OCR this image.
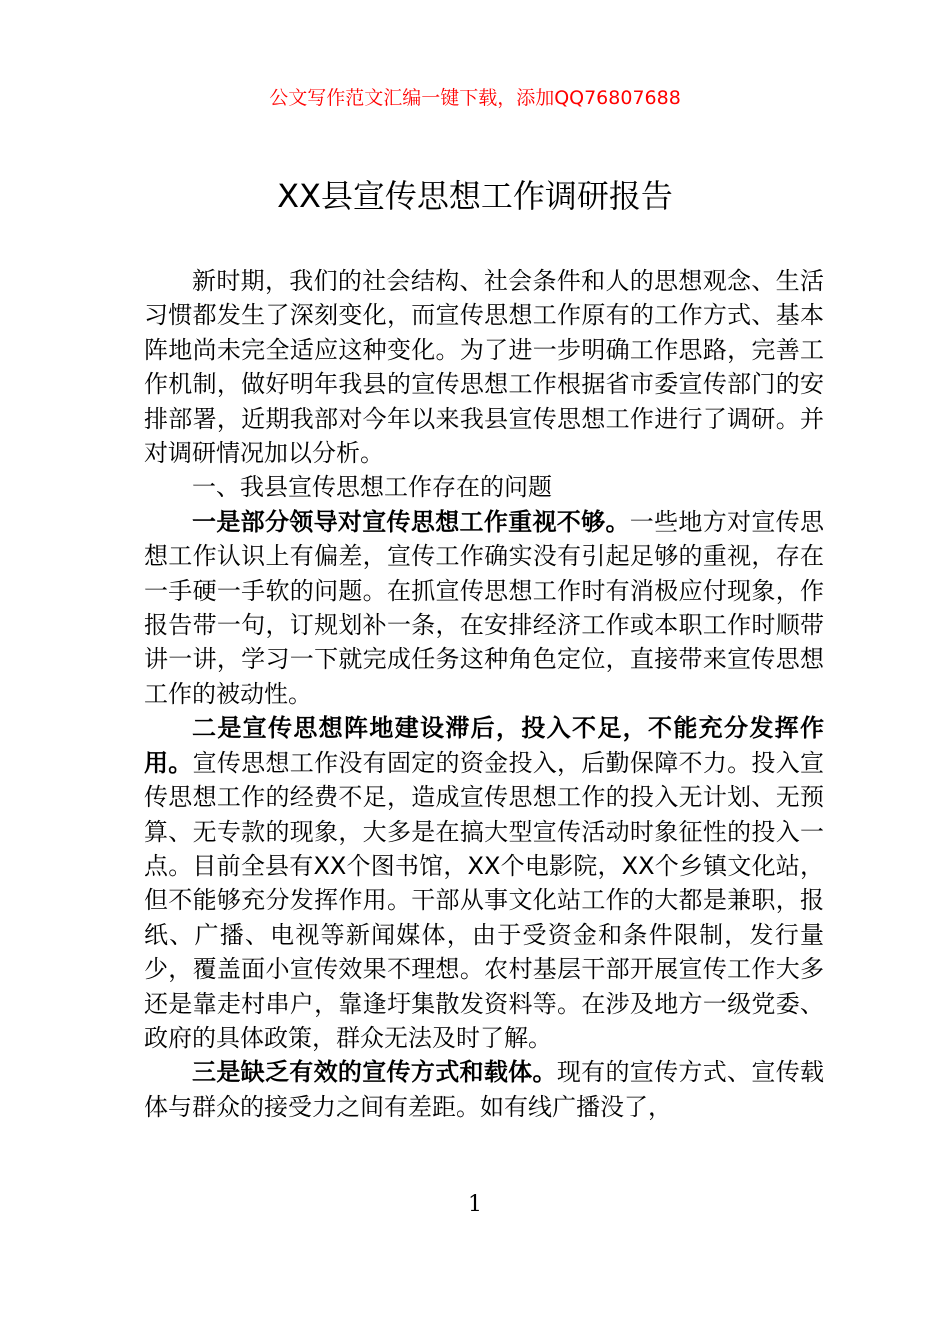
公文写作范文汇编一键下载，添加QQ76807688
XX县宣传思想工作调研报告

新时期，我们的社会结构、社会条件和人的思想观念、生活习惯都发生了深刻变化，而宣传思想工作原有的工作方式、基本阵地尚未完全适应这种变化。为了进一步明确工作思路，完善工作机制，做好明年我县的宣传思想工作根据省市委宣传部门的安排部署，近期我部对今年以来我县宣传思想工作进行了调研。并对调研情况加以分析。

一、我县宣传思想工作存在的问题

一是部分领导对宣传思想工作重视不够。一些地方对宣传思想工作认识上有偏差，宣传工作确实没有引起足够的重视，存在一手硬一手软的问题。在抓宣传思想工作时有消极应付现象，作报告带一句，订规划补一条，在安排经济工作或本职工作时顺带讲一讲，学习一下就完成任务这种角色定位，直接带来宣传思想工作的被动性。

二是宣传思想阵地建设滞后，投入不足，不能充分发挥作用。宣传思想工作没有固定的资金投入，后勤保障不力。投入宣传思想工作的经费不足，造成宣传思想工作的投入无计划、无预算、无专款的现象，大多是在搞大型宣传活动时象征性的投入一点。目前全县有XX个图书馆，XX个电影院，XX个乡镇文化站，但不能够充分发挥作用。干部从事文化站工作的大都是兼职，报纸、广播、电视等新闻媒体，由于受资金和条件限制，发行量少，覆盖面小宣传效果不理想。农村基层干部开展宣传工作大多还是靠走村串户，靠逢圩集散发资料等。在涉及地方一级党委、政府的具体政策，群众无法及时了解。

三是缺乏有效的宣传方式和载体。现有的宣传方式、宣传载体与群众的接受力之间有差距。如有线广播没了，

1
